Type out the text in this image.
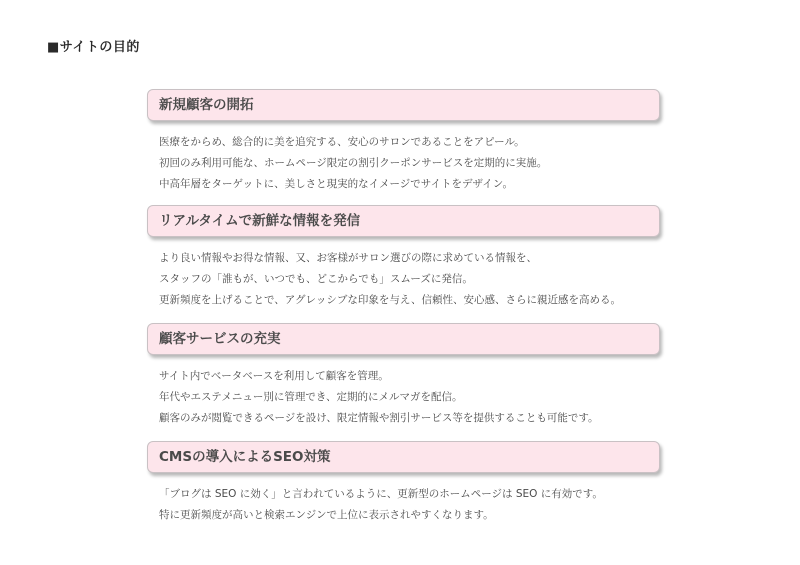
■サイトの目的
新規顧客の開拓
医療をからめ、総合的に美を追究する、安心のサロンであることをアピール。
初回のみ利用可能な、ホームページ限定の割引クーポンサービスを定期的に実施。
中高年層をターゲットに、美しさと現実的なイメージでサイトをデザイン。
リアルタイムで新鮮な情報を発信
より良い情報やお得な情報、又、お客様がサロン選びの際に求めている情報を、
スタッフの「誰もが、いつでも、どこからでも」スムーズに発信。
更新頻度を上げることで、アグレッシブな印象を与え、信頼性、安心感、さらに親近感を高める。
顧客サービスの充実
サイト内でベータベースを利用して顧客を管理。
年代やエステメニュー別に管理でき、定期的にメルマガを配信。
顧客のみが閲覧できるページを設け、限定情報や割引サービス等を提供することも可能です。
CMSの導入によるSEO対策
「ブログは SEO に効く」と言われているように、更新型のホームページは SEO に有効です。
特に更新頻度が高いと検索エンジンで上位に表示されやすくなります。
